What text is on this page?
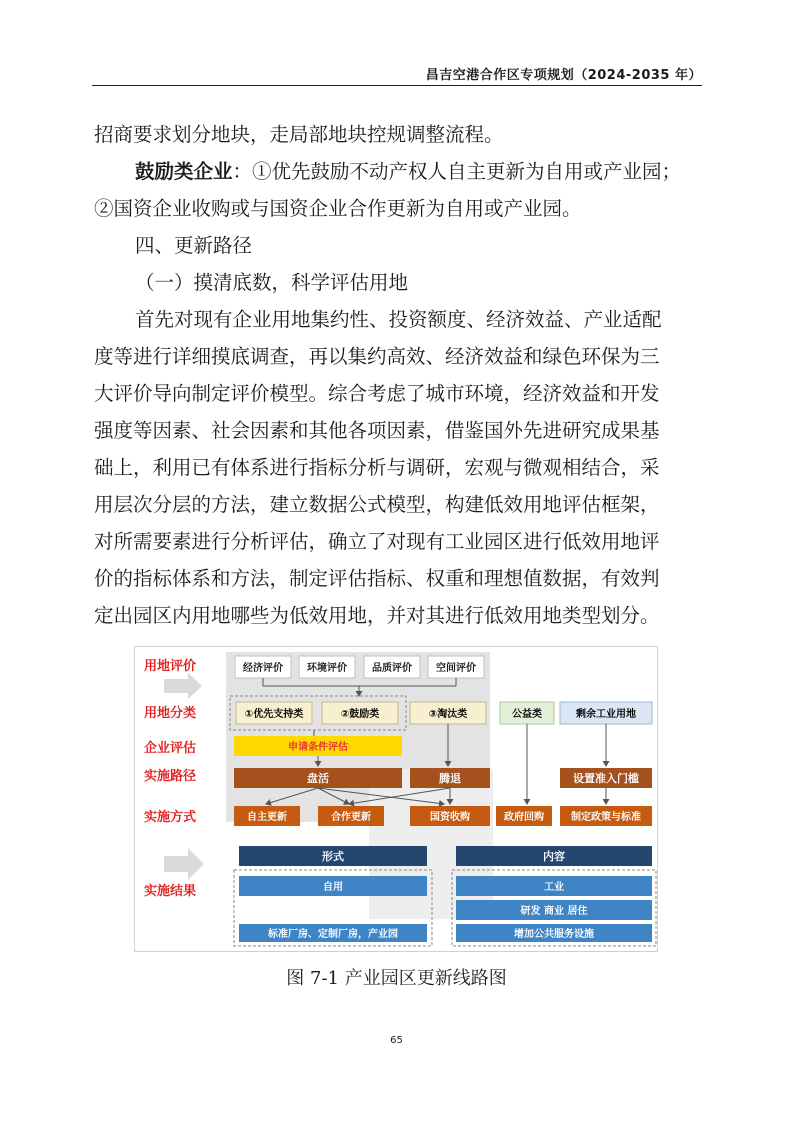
昌吉空港合作区专项规划（2024-2035 年）

招商要求划分地块，走局部地块控规调整流程。

鼓励类企业：①优先鼓励不动产权人自主更新为自用或产业园；

②国资企业收购或与国资企业合作更新为自用或产业园。

四、更新路径

（一）摸清底数，科学评估用地

首先对现有企业用地集约性、投资额度、经济效益、产业适配

度等进行详细摸底调查，再以集约高效、经济效益和绿色环保为三

大评价导向制定评价模型。综合考虑了城市环境，经济效益和开发

强度等因素、社会因素和其他各项因素，借鉴国外先进研究成果基

础上，利用已有体系进行指标分析与调研，宏观与微观相结合，采

用层次分层的方法，建立数据公式模型，构建低效用地评估框架，

对所需要素进行分析评估，确立了对现有工业园区进行低效用地评

价的指标体系和方法，制定评估指标、权重和理想值数据，有效判

定出园区内用地哪些为低效用地，并对其进行低效用地类型划分。

用地评价
用地分类
企业评估
实施路径
实施方式
实施结果
经济评价 环境评价	品质评价 空间评价
①优先支持类	②鼓励类	③淘汰类	公益类	剩余工业用地
申请条件评估
盘活	腾退	设置准入门槛
自主更新	合作更新	国资收购	政府回购	制定政策与标准
形式	内容
自用
标准厂房、定制厂房，产业园
工业
研发 商业 居住
增加公共服务设施
图 7-1 产业园区更新线路图
65
